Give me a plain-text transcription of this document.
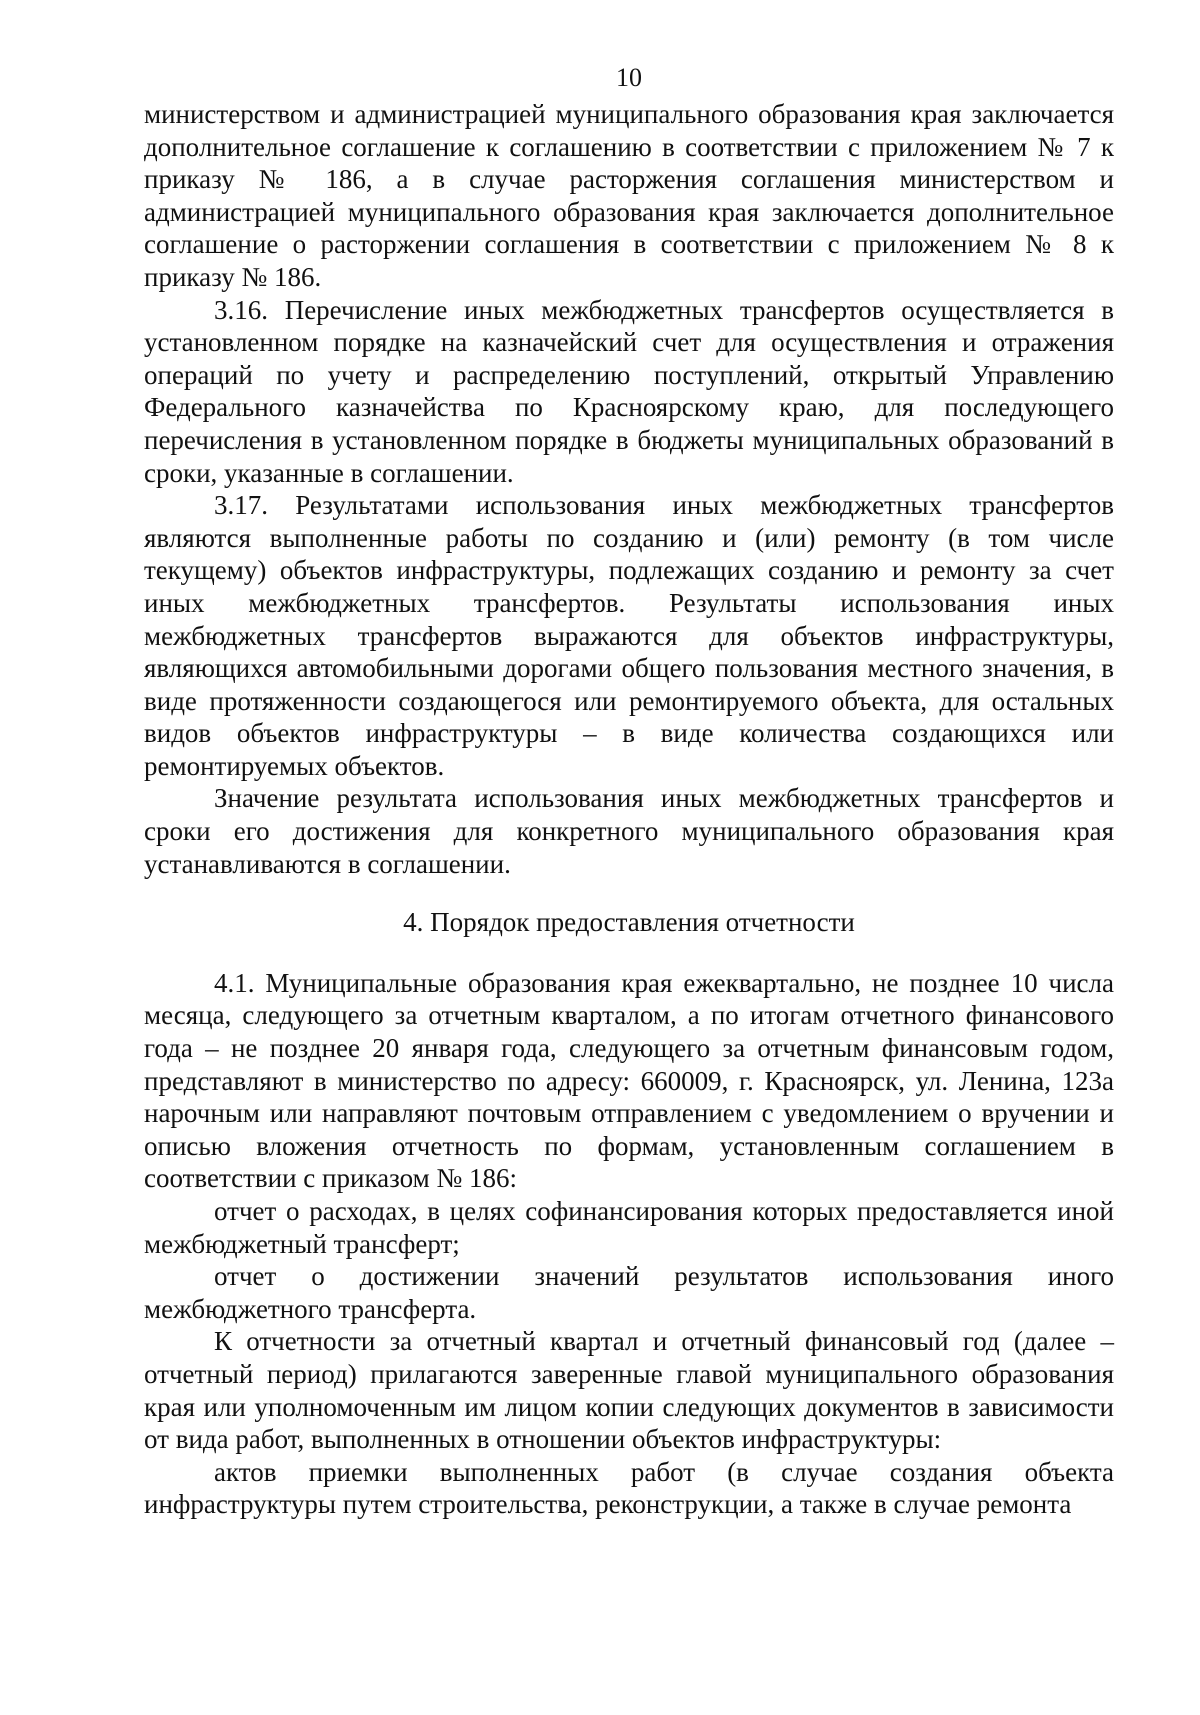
10

министерством и администрацией муниципального образования края заключается дополнительное соглашение к соглашению в соответствии с приложением № 7 к приказу № 186, а в случае расторжения соглашения министерством и администрацией муниципального образования края заключается дополнительное соглашение о расторжении соглашения в соответствии с приложением № 8 к приказу № 186.

3.16. Перечисление иных межбюджетных трансфертов осуществляется в установленном порядке на казначейский счет для осуществления и отражения операций по учету и распределению поступлений, открытый Управлению Федерального казначейства по Красноярскому краю, для последующего перечисления в установленном порядке в бюджеты муниципальных образований в сроки, указанные в соглашении.

3.17. Результатами использования иных межбюджетных трансфертов являются выполненные работы по созданию и (или) ремонту (в том числе текущему) объектов инфраструктуры, подлежащих созданию и ремонту за счет иных межбюджетных трансфертов. Результаты использования иных межбюджетных трансфертов выражаются для объектов инфраструктуры, являющихся автомобильными дорогами общего пользования местного значения, в виде протяженности создающегося или ремонтируемого объекта, для остальных видов объектов инфраструктуры – в виде количества создающихся или ремонтируемых объектов.

Значение результата использования иных межбюджетных трансфертов и сроки его достижения для конкретного муниципального образования края устанавливаются в соглашении.

4. Порядок предоставления отчетности

4.1. Муниципальные образования края ежеквартально, не позднее 10 числа месяца, следующего за отчетным кварталом, а по итогам отчетного финансового года – не позднее 20 января года, следующего за отчетным финансовым годом, представляют в министерство по адресу: 660009, г. Красноярск, ул. Ленина, 123а нарочным или направляют почтовым отправлением с уведомлением о вручении и описью вложения отчетность по формам, установленным соглашением в соответствии с приказом № 186:

отчет о расходах, в целях софинансирования которых предоставляется иной межбюджетный трансферт;

отчет о достижении значений результатов использования иного межбюджетного трансферта.

К отчетности за отчетный квартал и отчетный финансовый год (далее – отчетный период) прилагаются заверенные главой муниципального образования края или уполномоченным им лицом копии следующих документов в зависимости от вида работ, выполненных в отношении объектов инфраструктуры:

актов приемки выполненных работ (в случае создания объекта инфраструктуры путем строительства, реконструкции, а также в случае ремонта
